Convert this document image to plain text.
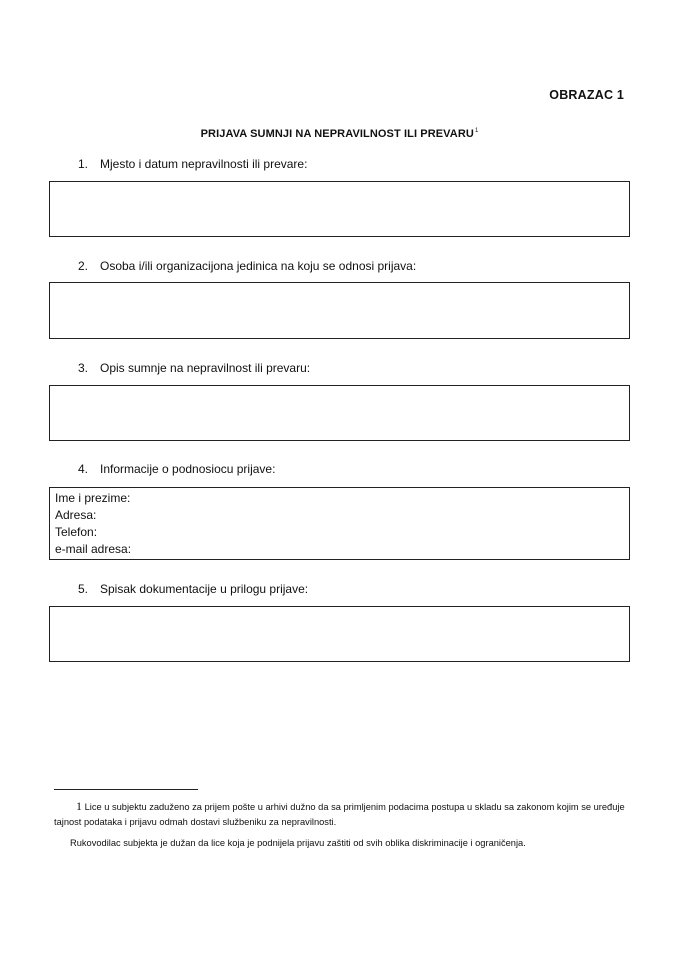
OBRAZAC 1
PRIJAVA SUMNJI NA NEPRAVILNOST ILI PREVARU$^1$
1. Mjesto i datum nepravilnosti ili prevare:
2. Osoba i/ili organizacijona jedinica na koju se odnosi prijava:
3. Opis sumnje na nepravilnost ili prevaru:
4. Informacije o podnosiocu prijave:
Ime i prezime:
Adresa:
Telefon:
e-mail adresa:
5. Spisak dokumentacije u prilogu prijave:
1 Lice u subjektu zaduženo za prijem pošte u arhivi dužno da sa primljenim podacima postupa u skladu sa zakonom kojim se uređuje tajnost podataka i prijavu odmah dostavi službeniku za nepravilnosti.
Rukovodilac subjekta je dužan da lice koja je podnijela prijavu zaštiti od svih oblika diskriminacije i ograničenja.
